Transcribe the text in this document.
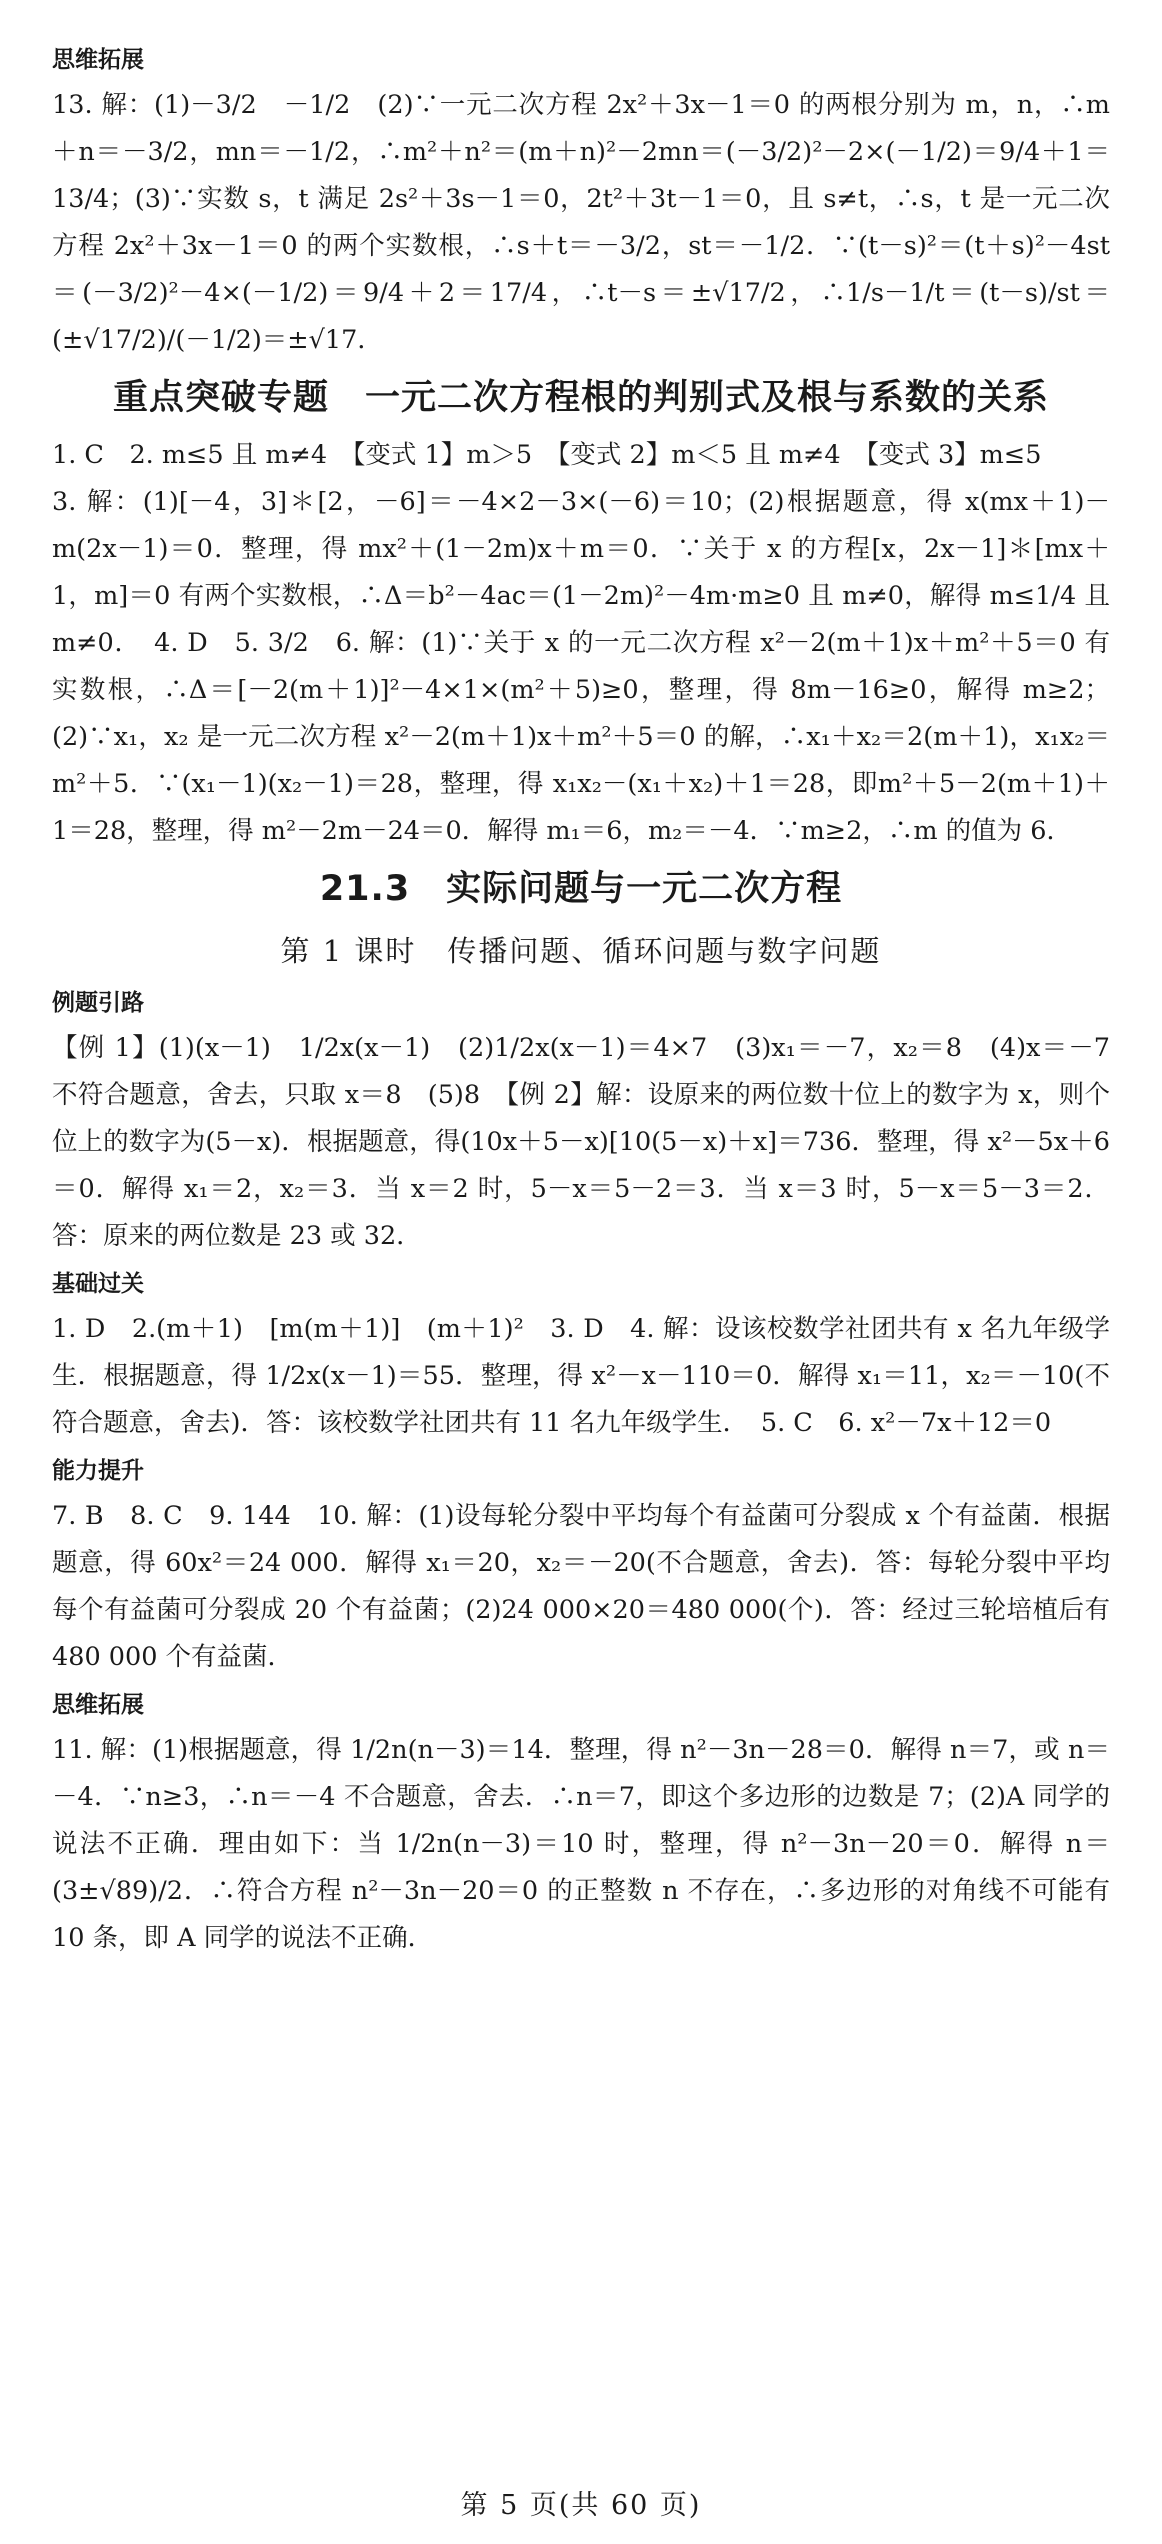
思维拓展

13. 解：(1)－3/2　－1/2　(2)∵一元二次方程 2x²＋3x－1＝0 的两根分别为 m，n，∴m＋n＝－3/2，mn＝－1/2，∴m²＋n²＝(m＋n)²－2mn＝(－3/2)²－2×(－1/2)＝9/4＋1＝13/4；(3)∵实数 s，t 满足 2s²＋3s－1＝0，2t²＋3t－1＝0，且 s≠t，∴s，t 是一元二次方程 2x²＋3x－1＝0 的两个实数根，∴s＋t＝－3/2，st＝－1/2．∵(t－s)²＝(t＋s)²－4st＝(－3/2)²－4×(－1/2)＝9/4＋2＝17/4，∴t－s＝±√17/2，∴1/s－1/t＝(t－s)/st＝(±√17/2)/(－1/2)＝±√17．

重点突破专题　一元二次方程根的判别式及根与系数的关系

1. C　2. m≤5 且 m≠4　【变式 1】m＞5　【变式 2】m＜5 且 m≠4　【变式 3】m≤5

3. 解：(1)[－4，3]＊[2，－6]＝－4×2－3×(－6)＝10；(2)根据题意，得 x(mx＋1)－m(2x－1)＝0．整理，得 mx²＋(1－2m)x＋m＝0．∵关于 x 的方程[x，2x－1]＊[mx＋1，m]＝0 有两个实数根，∴Δ＝b²－4ac＝(1－2m)²－4m·m≥0 且 m≠0，解得 m≤1/4 且 m≠0．　4. D　5. 3/2　6. 解：(1)∵关于 x 的一元二次方程 x²－2(m＋1)x＋m²＋5＝0 有实数根，∴Δ＝[－2(m＋1)]²－4×1×(m²＋5)≥0，整理，得 8m－16≥0，解得 m≥2；(2)∵x₁，x₂ 是一元二次方程 x²－2(m＋1)x＋m²＋5＝0 的解，∴x₁＋x₂＝2(m＋1)，x₁x₂＝m²＋5．∵(x₁－1)(x₂－1)＝28，整理，得 x₁x₂－(x₁＋x₂)＋1＝28，即m²＋5－2(m＋1)＋1＝28，整理，得 m²－2m－24＝0．解得 m₁＝6，m₂＝－4．∵m≥2，∴m 的值为 6．

21.3　实际问题与一元二次方程
第 1 课时　传播问题、循环问题与数字问题
例题引路

【例 1】(1)(x－1)　1/2x(x－1)　(2)1/2x(x－1)＝4×7　(3)x₁＝－7，x₂＝8　(4)x＝－7 不符合题意，舍去，只取 x＝8　(5)8　【例 2】解：设原来的两位数十位上的数字为 x，则个位上的数字为(5－x)．根据题意，得(10x＋5－x)[10(5－x)＋x]＝736．整理，得 x²－5x＋6＝0．解得 x₁＝2，x₂＝3．当 x＝2 时，5－x＝5－2＝3．当 x＝3 时，5－x＝5－3＝2．答：原来的两位数是 23 或 32．

基础过关

1. D　2.(m＋1)　[m(m＋1)]　(m＋1)²　3. D　4. 解：设该校数学社团共有 x 名九年级学生．根据题意，得 1/2x(x－1)＝55．整理，得 x²－x－110＝0．解得 x₁＝11，x₂＝－10(不符合题意，舍去)．答：该校数学社团共有 11 名九年级学生．　5. C　6. x²－7x＋12＝0

能力提升

7. B　8. C　9. 144　10. 解：(1)设每轮分裂中平均每个有益菌可分裂成 x 个有益菌．根据题意，得 60x²＝24 000．解得 x₁＝20，x₂＝－20(不合题意，舍去)．答：每轮分裂中平均每个有益菌可分裂成 20 个有益菌；(2)24 000×20＝480 000(个)．答：经过三轮培植后有 480 000 个有益菌．

思维拓展

11. 解：(1)根据题意，得 1/2n(n－3)＝14．整理，得 n²－3n－28＝0．解得 n＝7，或 n＝－4．∵n≥3，∴n＝－4 不合题意，舍去．∴n＝7，即这个多边形的边数是 7；(2)A 同学的说法不正确．理由如下：当 1/2n(n－3)＝10 时，整理，得 n²－3n－20＝0．解得 n＝(3±√89)/2．∴符合方程 n²－3n－20＝0 的正整数 n 不存在，∴多边形的对角线不可能有 10 条，即 A 同学的说法不正确．

第 5 页(共 60 页)
